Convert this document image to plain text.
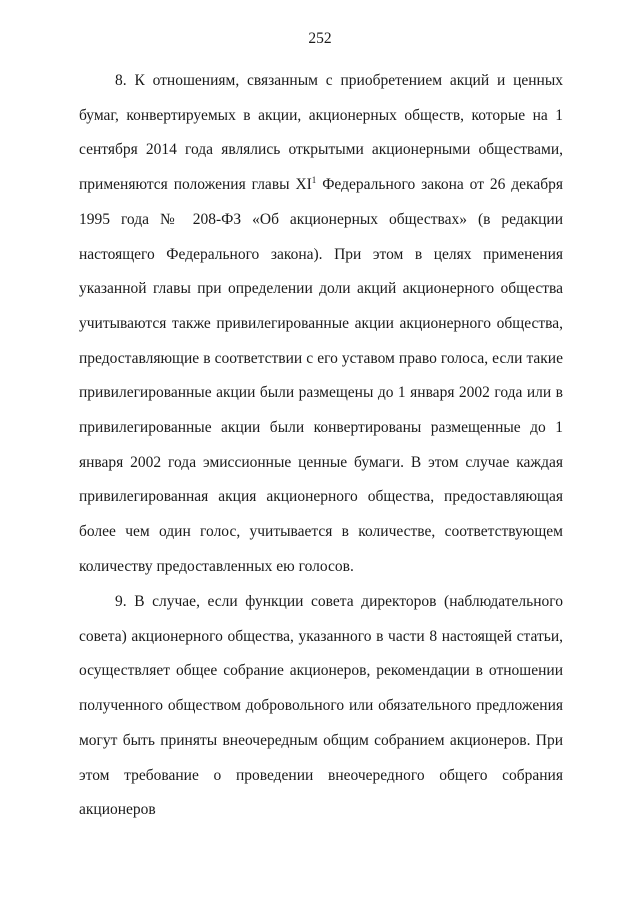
252

8. К отношениям, связанным с приобретением акций и ценных бумаг, конвертируемых в акции, акционерных обществ, которые на 1 сентября 2014 года являлись открытыми акционерными обществами, применяются положения главы $XI^1$ Федерального закона от 26 декабря 1995 года № 208-ФЗ «Об акционерных обществах» (в редакции настоящего Федерального закона). При этом в целях применения указанной главы при определении доли акций акционерного общества учитываются также привилегированные акции акционерного общества, предоставляющие в соответствии с его уставом право голоса, если такие привилегированные акции были размещены до 1 января 2002 года или в привилегированные акции были конвертированы размещенные до 1 января 2002 года эмиссионные ценные бумаги. В этом случае каждая привилегированная акция акционерного общества, предоставляющая более чем один голос, учитывается в количестве, соответствующем количеству предоставленных ею голосов.

9. В случае, если функции совета директоров (наблюдательного совета) акционерного общества, указанного в части 8 настоящей статьи, осуществляет общее собрание акционеров, рекомендации в отношении полученного обществом добровольного или обязательного предложения могут быть приняты внеочередным общим собранием акционеров. При этом требование о проведении внеочередного общего собрания акционеров
